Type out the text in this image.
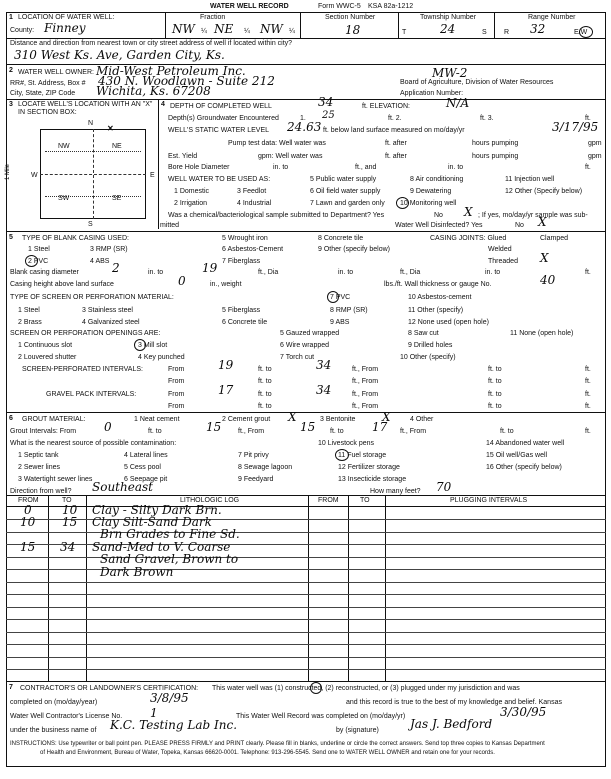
WATER WELL RECORD	Form WWC-5 KSA 82a-1212
1 LOCATION OF WATER WELL:
County: Finney
Fraction
NW ¼ NE ¼ NW ¼
Section Number
18
Township Number
T	24	S
Range Number
R 32	E/W
Distance and direction from nearest town or city street address of well if located within city?
310 West Ks. Ave, Garden City, Ks.
2 WATER WELL OWNER: Mid-West Petroleum Inc.	MW-2
RR#, St. Address, Box # 430 N. Woodlawn - Suite 212	Board of Agriculture, Division of Water Resources
City, State, ZIP Code Wichita, Ks. 67208	Application Number:
3 LOCATE WELL'S LOCATION WITH AN "X" IN SECTION BOX:
N
S
E
W
1 Mile
NW	NE
SW	SE
✕
4 DEPTH OF COMPLETED WELL	34	ft. ELEVATION:	N/A
Depth(s) Groundwater Encountered	1. 25	ft. 2.	ft. 3.	ft.
WELL'S STATIC WATER LEVEL 24.63 ft. below land surface measured on mo/day/yr	3/17/95
Pump test data: Well water was	ft. after	hours pumping	gpm
Est. Yield	gpm: Well water was	ft. after	hours pumping	gpm
Bore Hole Diameter	in. to	ft., and	in. to	ft.
WELL WATER TO BE USED AS:	5 Public water supply	8 Air conditioning	11 Injection well
1 Domestic	3 Feedlot	6 Oil field water supply	9 Dewatering	12 Other (Specify below)
2 Irrigation	4 Industrial	7 Lawn and garden only 10 Monitoring well
Was a chemical/bacteriological sample submitted to Department? Yes	No X ; If yes, mo/day/yr sample was sub-
mitted	Water Well Disinfected? Yes	No X
5 TYPE OF BLANK CASING USED:	5 Wrought iron	8 Concrete tile	CASING JOINTS: Glued	Clamped
1 Steel	3 RMP (SR)	6 Asbestos-Cement	9 Other (specify below)	Welded
2 PVC	4 ABS	7 Fiberglass	Threaded X
Blank casing diameter	2	in. to	19	ft., Dia	in. to	ft., Dia	in. to	ft.
Casing height above land surface	0	in., weight	lbs./ft. Wall thickness or gauge No.	40
TYPE OF SCREEN OR PERFORATION MATERIAL:	7 PVC	10 Asbestos-cement
1 Steel	3 Stainless steel	5 Fiberglass	8 RMP (SR)	11 Other (specify)
2 Brass	4 Galvanized steel	6 Concrete tile	9 ABS	12 None used (open hole)
SCREEN OR PERFORATION OPENINGS ARE:	5 Gauzed wrapped	8 Saw cut	11 None (open hole)
1 Continuous slot	3 Mill slot	6 Wire wrapped	9 Drilled holes
2 Louvered shutter	4 Key punched	7 Torch cut	10 Other (specify)
SCREEN-PERFORATED INTERVALS:	From	19	ft. to	34	ft., From	ft. to	ft.
From	ft. to	ft., From	ft. to	ft.
GRAVEL PACK INTERVALS:	From	17	ft. to	34	ft., From	ft. to	ft.
From	ft. to	ft., From	ft. to	ft.
6 GROUT MATERIAL:	1 Neat cement	2 Cement grout X	3 Bentonite X	4 Other
Grout Intervals: From 0	ft. to	15 ft., From	15 ft. to 17 ft., From	ft. to	ft.
What is the nearest source of possible contamination:	10 Livestock pens	14 Abandoned water well
1 Septic tank	4 Lateral lines	7 Pit privy	11 Fuel storage	15 Oil well/Gas well
2 Sewer lines	5 Cess pool	8 Sewage lagoon	12 Fertilizer storage	16 Other (specify below)
3 Watertight sewer lines	6 Seepage pit	9 Feedyard	13 Insecticide storage
Direction from well? Southeast	How many feet? 70
FROM	TO	LITHOLOGIC LOG	FROM	TO	PLUGGING INTERVALS
0	10 Clay - Silty Dark Brn.
10 15 Clay Silt-Sand Dark
Brn Grades to Fine Sd.
15 34 Sand-Med to V. Coarse
Sand Gravel, Brown to
Dark Brown
7 CONTRACTOR'S OR LANDOWNER'S CERTIFICATION: This water well was (1) constructed, (2) reconstructed, or (3) plugged under my jurisdiction and was
completed on (mo/day/year)	3/8/95	and this record is true to the best of my knowledge and belief. Kansas
Water Well Contractor's License No. 1	This Water Well Record was completed on (mo/day/yr)	3/30/95
under the business name of K.C. Testing Lab Inc.	by (signature)	Jas J. Bedford
INSTRUCTIONS: Use typewriter or ball point pen. PLEASE PRESS FIRMLY and PRINT clearly. Please fill in blanks, underline or circle the correct answers. Send top three copies to Kansas Department
of Health and Environment, Bureau of Water, Topeka, Kansas 66620-0001. Telephone: 913-296-5545. Send one to WATER WELL OWNER and retain one for your records.
